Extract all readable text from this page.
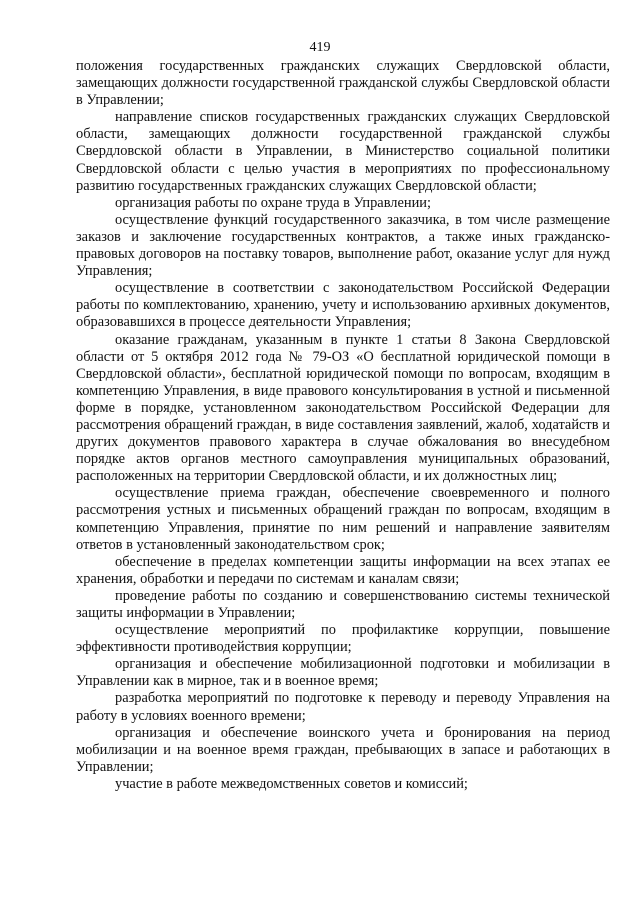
419

положения государственных гражданских служащих Свердловской области, замещающих должности государственной гражданской службы Свердловской области в Управлении;

направление списков государственных гражданских служащих Свердловской области, замещающих должности государственной гражданской службы Свердловской области в Управлении, в Министерство социальной политики Свердловской области с целью участия в мероприятиях по профессиональному развитию государственных гражданских служащих Свердловской области;

организация работы по охране труда в Управлении;

осуществление функций государственного заказчика, в том числе размещение заказов и заключение государственных контрактов, а также иных гражданско-правовых договоров на поставку товаров, выполнение работ, оказание услуг для нужд Управления;

осуществление в соответствии с законодательством Российской Федерации работы по комплектованию, хранению, учету и использованию архивных документов, образовавшихся в процессе деятельности Управления;

оказание гражданам, указанным в пункте 1 статьи 8 Закона Свердловской области от 5 октября 2012 года № 79-ОЗ «О бесплатной юридической помощи в Свердловской области», бесплатной юридической помощи по вопросам, входящим в компетенцию Управления, в виде правового консультирования в устной и письменной форме в порядке, установленном законодательством Российской Федерации для рассмотрения обращений граждан, в виде составления заявлений, жалоб, ходатайств и других документов правового характера в случае обжалования во внесудебном порядке актов органов местного самоуправления муниципальных образований, расположенных на территории Свердловской области, и их должностных лиц;

осуществление приема граждан, обеспечение своевременного и полного рассмотрения устных и письменных обращений граждан по вопросам, входящим в компетенцию Управления, принятие по ним решений и направление заявителям ответов в установленный законодательством срок;

обеспечение в пределах компетенции защиты информации на всех этапах ее хранения, обработки и передачи по системам и каналам связи;

проведение работы по созданию и совершенствованию системы технической защиты информации в Управлении;

осуществление мероприятий по профилактике коррупции, повышение эффективности противодействия коррупции;

организация и обеспечение мобилизационной подготовки и мобилизации в Управлении как в мирное, так и в военное время;

разработка мероприятий по подготовке к переводу и переводу Управления на работу в условиях военного времени;

организация и обеспечение воинского учета и бронирования на период мобилизации и на военное время граждан, пребывающих в запасе и работающих в Управлении;

участие в работе межведомственных советов и комиссий;
